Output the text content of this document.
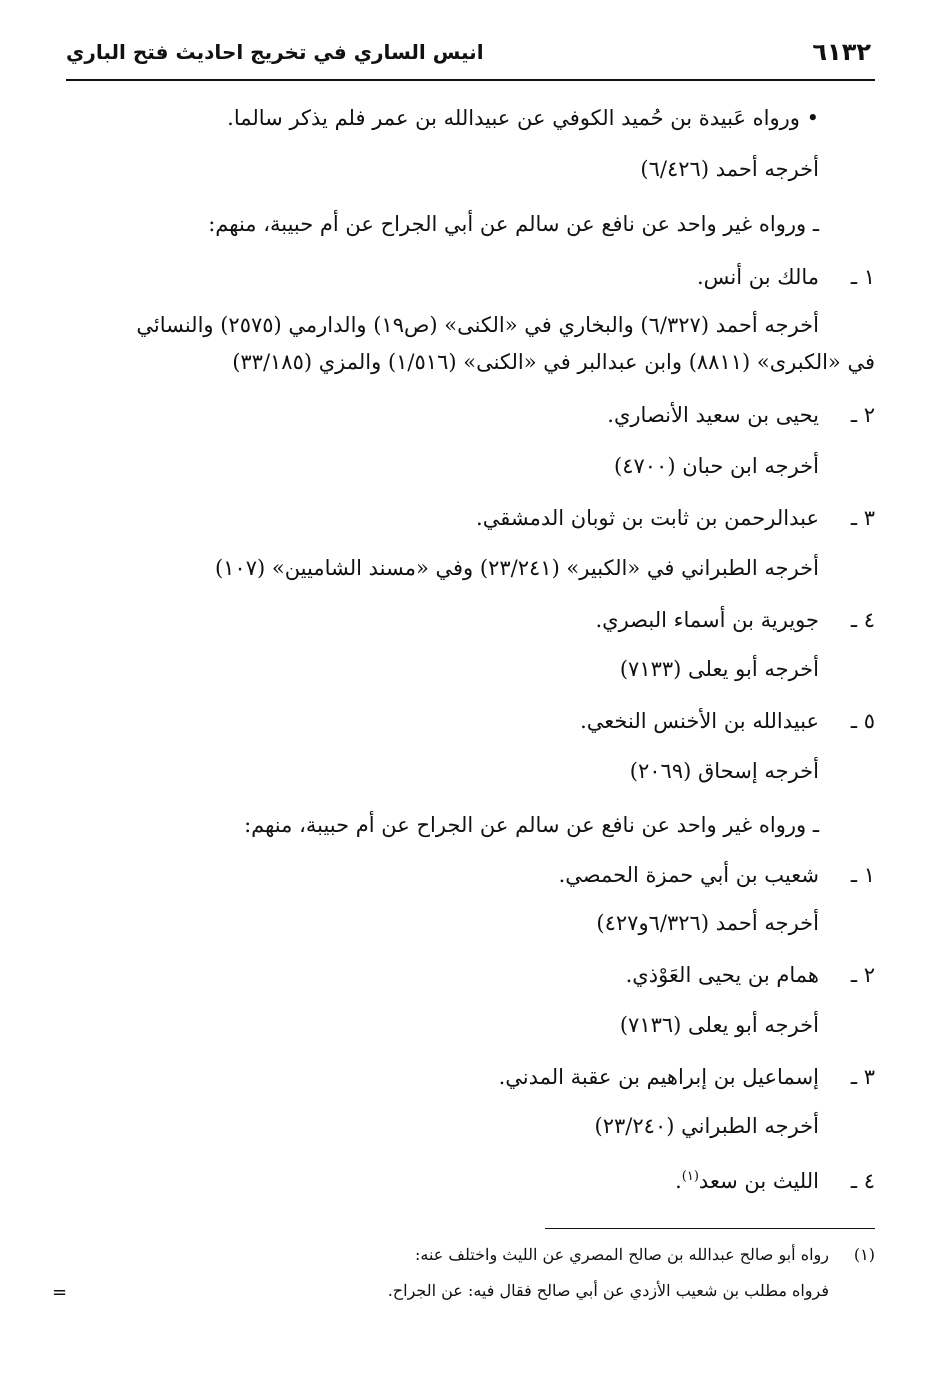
٦١٣٢
انيس الساري في تخريج احاديث فتح الباري
• ورواه عَبيدة بن حُميد الكوفي عن عبيدالله بن عمر فلم يذكر سالما.
أخرجه أحمد (٦/٤٢٦)
ـ ورواه غير واحد عن نافع عن سالم عن أبي الجراح عن أم حبيبة، منهم:
١ ـمالك بن أنس.
أخرجه أحمد (٦/٣٢٧) والبخاري في «الكنى» (ص١٩) والدارمي (٢٥٧٥) والنسائي
في «الكبرى» (٨٨١١) وابن عبدالبر في «الكنى» (١/٥١٦) والمزي (٣٣/١٨٥)
٢ ـيحيى بن سعيد الأنصاري.
أخرجه ابن حبان (٤٧٠٠)
٣ ـعبدالرحمن بن ثابت بن ثوبان الدمشقي.
أخرجه الطبراني في «الكبير» (٢٣/٢٤١) وفي «مسند الشاميين» (١٠٧)
٤ ـجويرية بن أسماء البصري.
أخرجه أبو يعلى (٧١٣٣)
٥ ـعبيدالله بن الأخنس النخعي.
أخرجه إسحاق (٢٠٦٩)
ـ ورواه غير واحد عن نافع عن سالم عن الجراح عن أم حبيبة، منهم:
١ ـشعيب بن أبي حمزة الحمصي.
أخرجه أحمد (٦/٣٢٦و٤٢٧)
٢ ـهمام بن يحيى العَوْذي.
أخرجه أبو يعلى (٧١٣٦)
٣ ـإسماعيل بن إبراهيم بن عقبة المدني.
أخرجه الطبراني (٢٣/٢٤٠)
٤ ـالليث بن سعد$^{(١)}$.
(١)رواه أبو صالح عبدالله بن صالح المصري عن الليث واختلف عنه:
فرواه مطلب بن شعيب الأزدي عن أبي صالح فقال فيه: عن الجراح.
=
